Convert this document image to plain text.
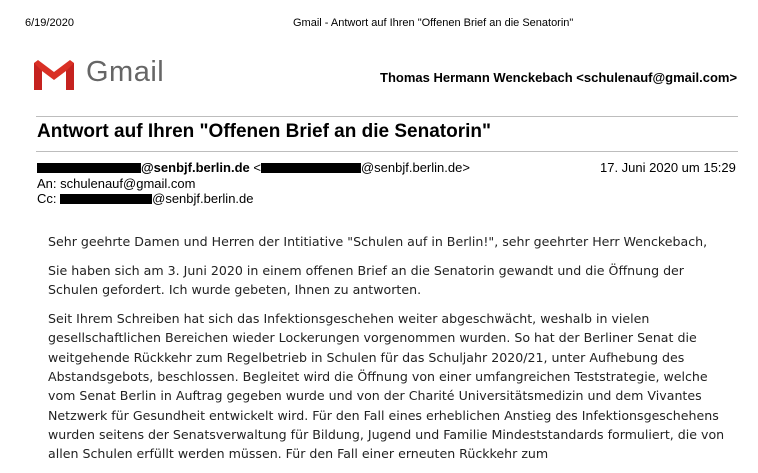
6/19/2020	Gmail - Antwort auf Ihren "Offenen Brief an die Senatorin"
Gmail	Thomas Hermann Wenckebach <schulenauf@gmail.com>
Antwort auf Ihren "Offenen Brief an die Senatorin"
@senbjf.berlin.de <	@senbjf.berlin.de>	17. Juni 2020 um 15:29
An: schulenauf@gmail.com
Cc:	@senbjf.berlin.de

Sehr geehrte Damen und Herren der Intitiative "Schulen auf in Berlin!", sehr geehrter Herr Wenckebach,

Sie haben sich am 3. Juni 2020 in einem offenen Brief an die Senatorin gewandt und die Öffnung der Schulen gefordert. Ich wurde gebeten, Ihnen zu antworten.

Seit Ihrem Schreiben hat sich das Infektionsgeschehen weiter abgeschwächt, weshalb in vielen gesellschaftlichen Bereichen wieder Lockerungen vorgenommen wurden. So hat der Berliner Senat die weitgehende Rückkehr zum Regelbetrieb in Schulen für das Schuljahr 2020/21, unter Aufhebung des Abstandsgebots, beschlossen. Begleitet wird die Öffnung von einer umfangreichen Teststrategie, welche vom Senat Berlin in Auftrag gegeben wurde und von der Charité Universitätsmedizin und dem Vivantes Netzwerk für Gesundheit entwickelt wird. Für den Fall eines erheblichen Anstieg des Infektionsgeschehens wurden seitens der Senatsverwaltung für Bildung, Jugend und Familie Mindeststandards formuliert, die von allen Schulen erfüllt werden müssen. Für den Fall einer erneuten Rückkehr zum
